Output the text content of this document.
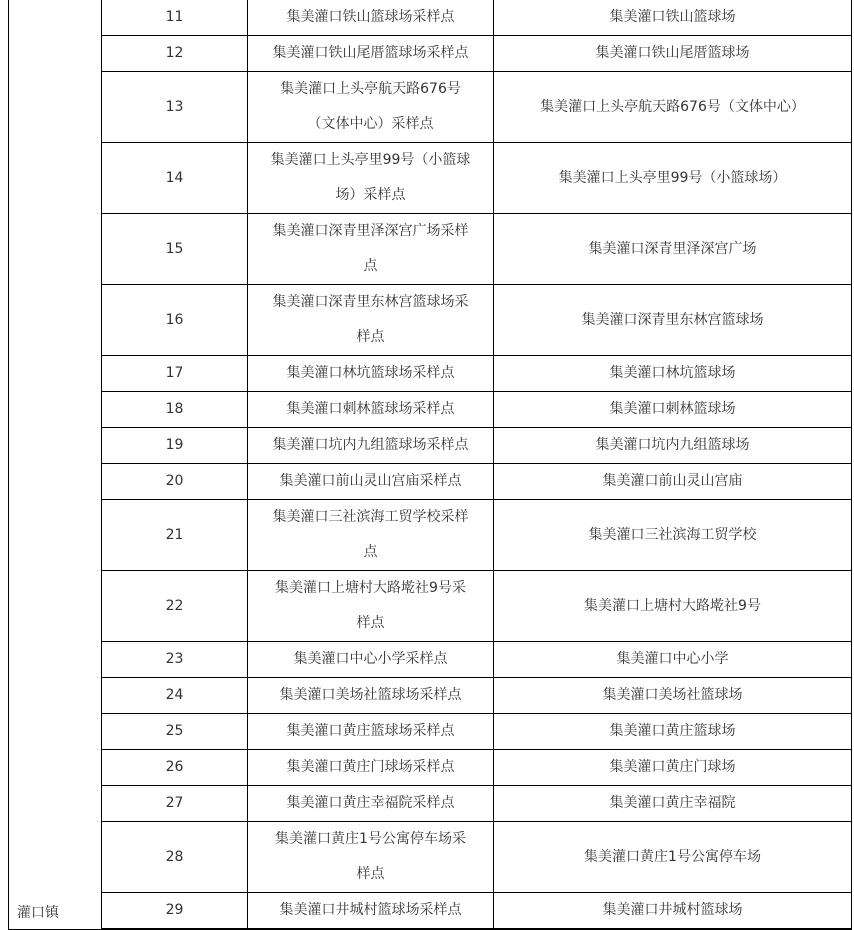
灌口镇	11	集美灌口铁山篮球场采样点	集美灌口铁山篮球场
	12	集美灌口铁山尾厝篮球场采样点	集美灌口铁山尾厝篮球场
	13	集美灌口上头亭航天路676号
（文体中心）采样点	集美灌口上头亭航天路676号（文体中心）
	14	集美灌口上头亭里99号（小篮球
场）采样点	集美灌口上头亭里99号（小篮球场）
	15	集美灌口深青里泽深宫广场采样
点	集美灌口深青里泽深宫广场
	16	集美灌口深青里东林宫篮球场采
样点	集美灌口深青里东林宫篮球场
	17	集美灌口林坑篮球场采样点	集美灌口林坑篮球场
	18	集美灌口刺林篮球场采样点	集美灌口刺林篮球场
	19	集美灌口坑内九组篮球场采样点	集美灌口坑内九组篮球场
	20	集美灌口前山灵山宫庙采样点	集美灌口前山灵山宫庙
	21	集美灌口三社滨海工贸学校采样
点	集美灌口三社滨海工贸学校
	22	集美灌口上塘村大路墘社9号采
样点	集美灌口上塘村大路墘社9号
	23	集美灌口中心小学采样点	集美灌口中心小学
	24	集美灌口美场社篮球场采样点	集美灌口美场社篮球场
	25	集美灌口黄庄篮球场采样点	集美灌口黄庄篮球场
	26	集美灌口黄庄门球场采样点	集美灌口黄庄门球场
	27	集美灌口黄庄幸福院采样点	集美灌口黄庄幸福院
	28	集美灌口黄庄1号公寓停车场采
样点	集美灌口黄庄1号公寓停车场
	29	集美灌口井城村篮球场采样点	集美灌口井城村篮球场
